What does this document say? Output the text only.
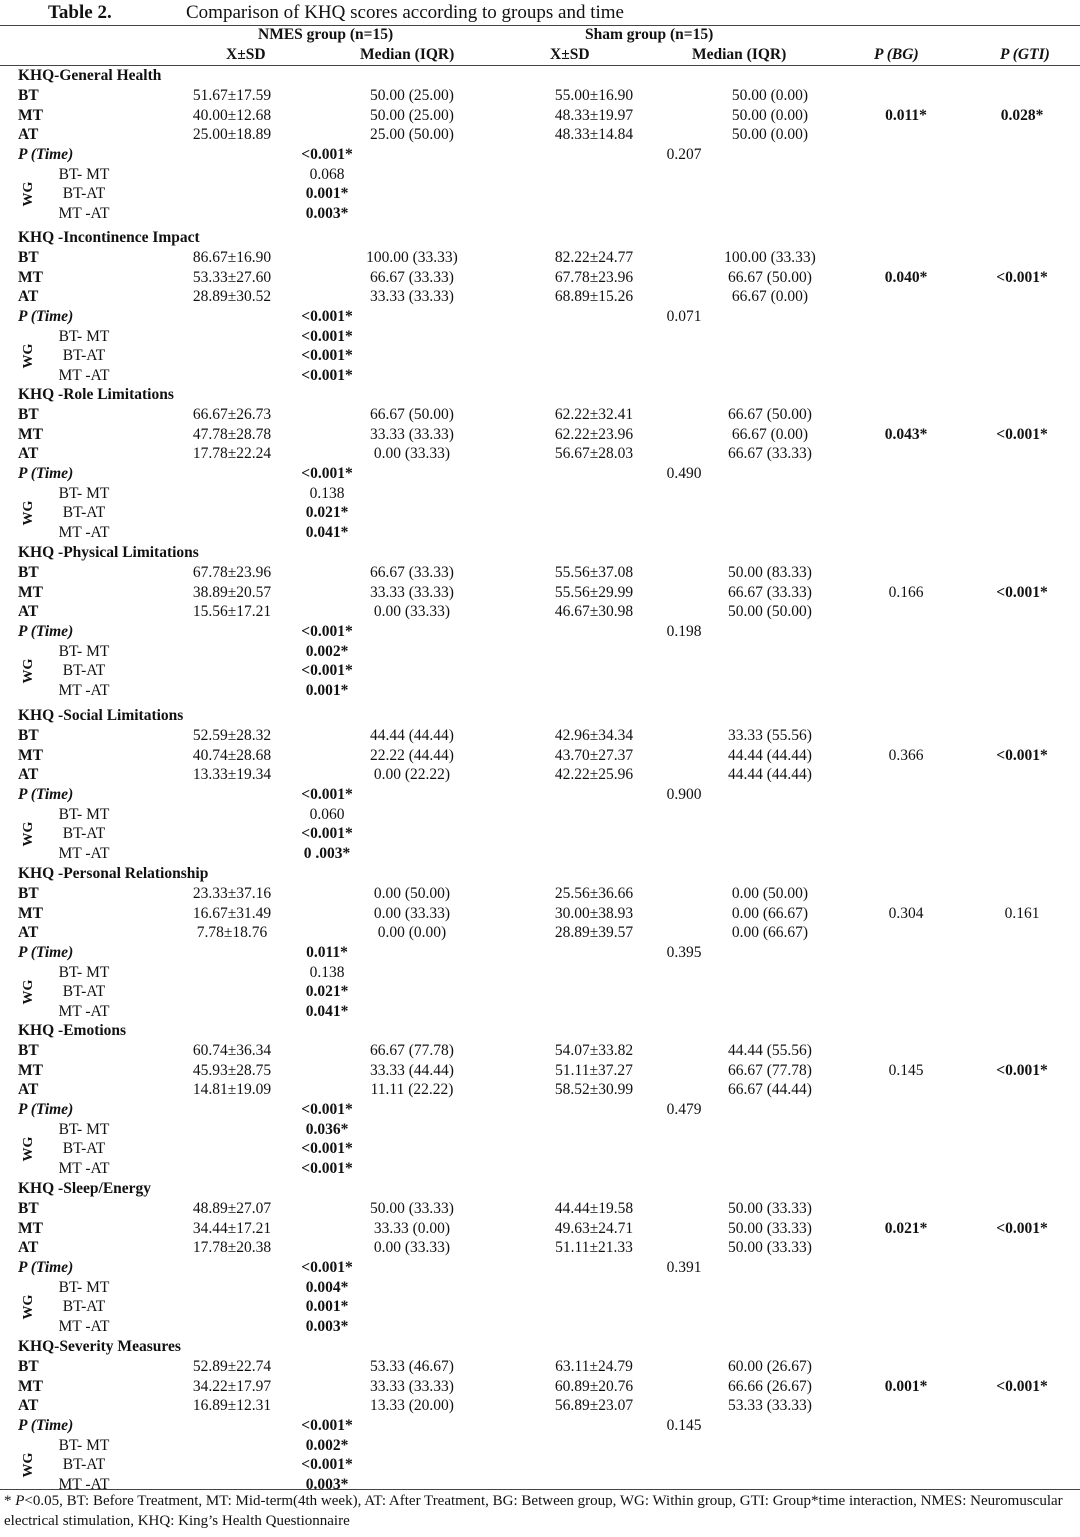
Table 2.	Comparison of KHQ scores according to groups and time
NMES group (n=15)	Sham group (n=15)
X±SD	Median (IQR)	X±SD	Median (IQR)	P (BG)	P (GTI)
KHQ-General Health
BT	51.67±17.59	50.00 (25.00)	55.00±16.90	50.00 (0.00)
MT	40.00±12.68	50.00 (25.00)	48.33±19.97	50.00 (0.00)
AT	25.00±18.89	25.00 (50.00)	48.33±14.84	50.00 (0.00)
0.011*	0.028*
P (Time)	<0.001*	0.207
BT- MT	0.068
BT-AT	0.001*
MT -AT	0.003*
WG
KHQ -Incontinence Impact
BT	86.67±16.90	100.00 (33.33)	82.22±24.77	100.00 (33.33)
MT	53.33±27.60	66.67 (33.33)	67.78±23.96	66.67 (50.00)
AT	28.89±30.52	33.33 (33.33)	68.89±15.26	66.67 (0.00)
0.040*	<0.001*
P (Time)	<0.001*	0.071
BT- MT	<0.001*
BT-AT	<0.001*
MT -AT	<0.001*
WG
KHQ -Role Limitations
BT	66.67±26.73	66.67 (50.00)	62.22±32.41	66.67 (50.00)
MT	47.78±28.78	33.33 (33.33)	62.22±23.96	66.67 (0.00)
AT	17.78±22.24	0.00 (33.33)	56.67±28.03	66.67 (33.33)
0.043*	<0.001*
P (Time)	<0.001*	0.490
BT- MT	0.138
BT-AT	0.021*
MT -AT	0.041*
WG
KHQ -Physical Limitations
BT	67.78±23.96	66.67 (33.33)	55.56±37.08	50.00 (83.33)
MT	38.89±20.57	33.33 (33.33)	55.56±29.99	66.67 (33.33)
AT	15.56±17.21	0.00 (33.33)	46.67±30.98	50.00 (50.00)
0.166	<0.001*
P (Time)	<0.001*	0.198
BT- MT	0.002*
BT-AT	<0.001*
MT -AT	0.001*
WG
KHQ -Social Limitations
BT	52.59±28.32	44.44 (44.44)	42.96±34.34	33.33 (55.56)
MT	40.74±28.68	22.22 (44.44)	43.70±27.37	44.44 (44.44)
AT	13.33±19.34	0.00 (22.22)	42.22±25.96	44.44 (44.44)
0.366	<0.001*
P (Time)	<0.001*	0.900
BT- MT	0.060
BT-AT	<0.001*
MT -AT	0 .003*
WG
KHQ -Personal Relationship
BT	23.33±37.16	0.00 (50.00)	25.56±36.66	0.00 (50.00)
MT	16.67±31.49	0.00 (33.33)	30.00±38.93	0.00 (66.67)
AT	7.78±18.76	0.00 (0.00)	28.89±39.57	0.00 (66.67)
0.304	0.161
P (Time)	0.011*	0.395
BT- MT	0.138
BT-AT	0.021*
MT -AT	0.041*
WG
KHQ -Emotions
BT	60.74±36.34	66.67 (77.78)	54.07±33.82	44.44 (55.56)
MT	45.93±28.75	33.33 (44.44)	51.11±37.27	66.67 (77.78)
AT	14.81±19.09	11.11 (22.22)	58.52±30.99	66.67 (44.44)
0.145	<0.001*
P (Time)	<0.001*	0.479
BT- MT	0.036*
BT-AT	<0.001*
MT -AT	<0.001*
WG
KHQ -Sleep/Energy
BT	48.89±27.07	50.00 (33.33)	44.44±19.58	50.00 (33.33)
MT	34.44±17.21	33.33 (0.00)	49.63±24.71	50.00 (33.33)
AT	17.78±20.38	0.00 (33.33)	51.11±21.33	50.00 (33.33)
0.021*	<0.001*
P (Time)	<0.001*	0.391
BT- MT	0.004*
BT-AT	0.001*
MT -AT	0.003*
WG
KHQ-Severity Measures
BT	52.89±22.74	53.33 (46.67)	63.11±24.79	60.00 (26.67)
MT	34.22±17.97	33.33 (33.33)	60.89±20.76	66.66 (26.67)
AT	16.89±12.31	13.33 (20.00)	56.89±23.07	53.33 (33.33)
0.001*	<0.001*
P (Time)	<0.001*	0.145
BT- MT	0.002*
BT-AT	<0.001*
MT -AT	0.003*
WG
* P<0.05, BT: Before Treatment, MT: Mid-term(4th week), AT: After Treatment, BG: Between group, WG: Within group, GTI: Group*time interaction, NMES: Neuromuscular electrical stimulation, KHQ: King’s Health Questionnaire
